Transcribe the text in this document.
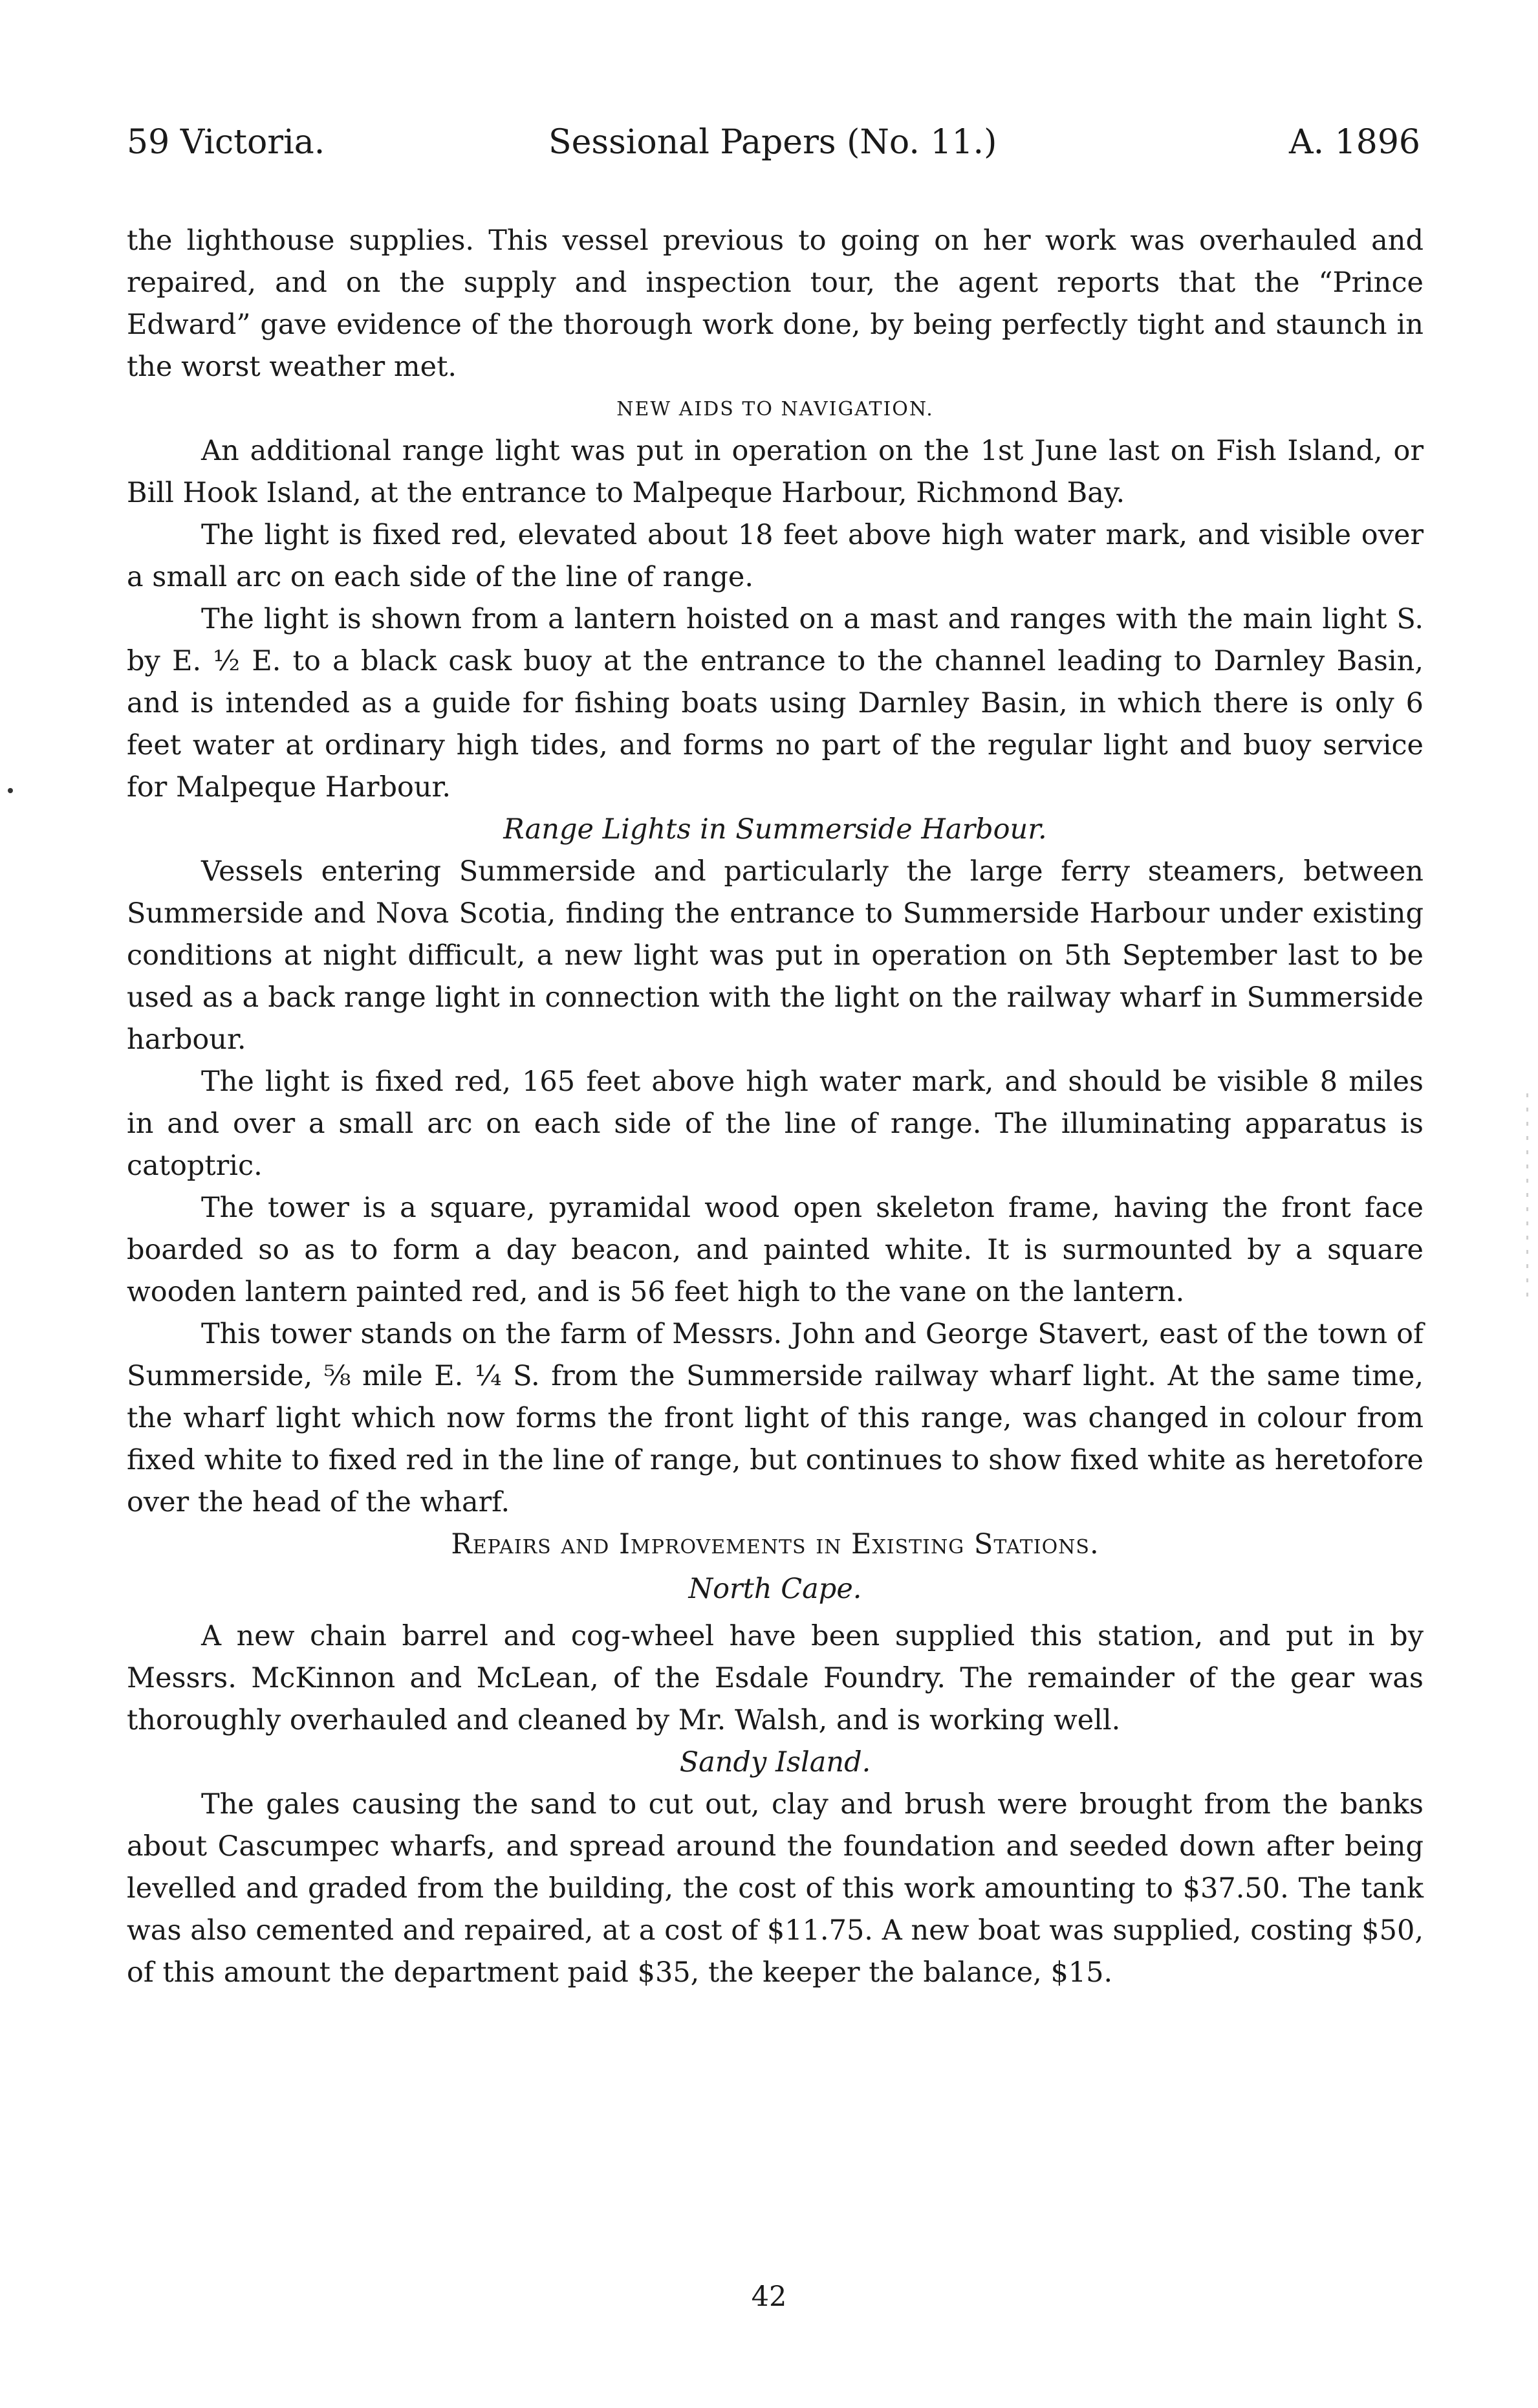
59 Victoria.	Sessional Papers (No. 11.)	A. 1896

the lighthouse supplies. This vessel previous to going on her work was overhauled and repaired, and on the supply and inspection tour, the agent reports that the “Prince Edward” gave evidence of the thorough work done, by being perfectly tight and staunch in the worst weather met.

NEW AIDS TO NAVIGATION.

An additional range light was put in operation on the 1st June last on Fish Island, or Bill Hook Island, at the entrance to Malpeque Harbour, Richmond Bay.

The light is fixed red, elevated about 18 feet above high water mark, and visible over a small arc on each side of the line of range.

The light is shown from a lantern hoisted on a mast and ranges with the main light S. by E. ½ E. to a black cask buoy at the entrance to the channel leading to Darnley Basin, and is intended as a guide for fishing boats using Darnley Basin, in which there is only 6 feet water at ordinary high tides, and forms no part of the regular light and buoy service for Malpeque Harbour.

Range Lights in Summerside Harbour.

Vessels entering Summerside and particularly the large ferry steamers, between Summerside and Nova Scotia, finding the entrance to Summerside Harbour under existing conditions at night difficult, a new light was put in operation on 5th September last to be used as a back range light in connection with the light on the railway wharf in Summerside harbour.

The light is fixed red, 165 feet above high water mark, and should be visible 8 miles in and over a small arc on each side of the line of range. The illuminating apparatus is catoptric.

The tower is a square, pyramidal wood open skeleton frame, having the front face boarded so as to form a day beacon, and painted white. It is surmounted by a square wooden lantern painted red, and is 56 feet high to the vane on the lantern.

This tower stands on the farm of Messrs. John and George Stavert, east of the town of Summerside, ⅝ mile E. ¼ S. from the Summerside railway wharf light. At the same time, the wharf light which now forms the front light of this range, was changed in colour from fixed white to fixed red in the line of range, but continues to show fixed white as heretofore over the head of the wharf.

Repairs and Improvements in Existing Stations.

North Cape.

A new chain barrel and cog-wheel have been supplied this station, and put in by Messrs. McKinnon and McLean, of the Esdale Foundry. The remainder of the gear was thoroughly overhauled and cleaned by Mr. Walsh, and is working well.

Sandy Island.

The gales causing the sand to cut out, clay and brush were brought from the banks about Cascumpec wharfs, and spread around the foundation and seeded down after being levelled and graded from the building, the cost of this work amounting to $37.50. The tank was also cemented and repaired, at a cost of $11.75. A new boat was supplied, costing $50, of this amount the department paid $35, the keeper the balance, $15.

42
